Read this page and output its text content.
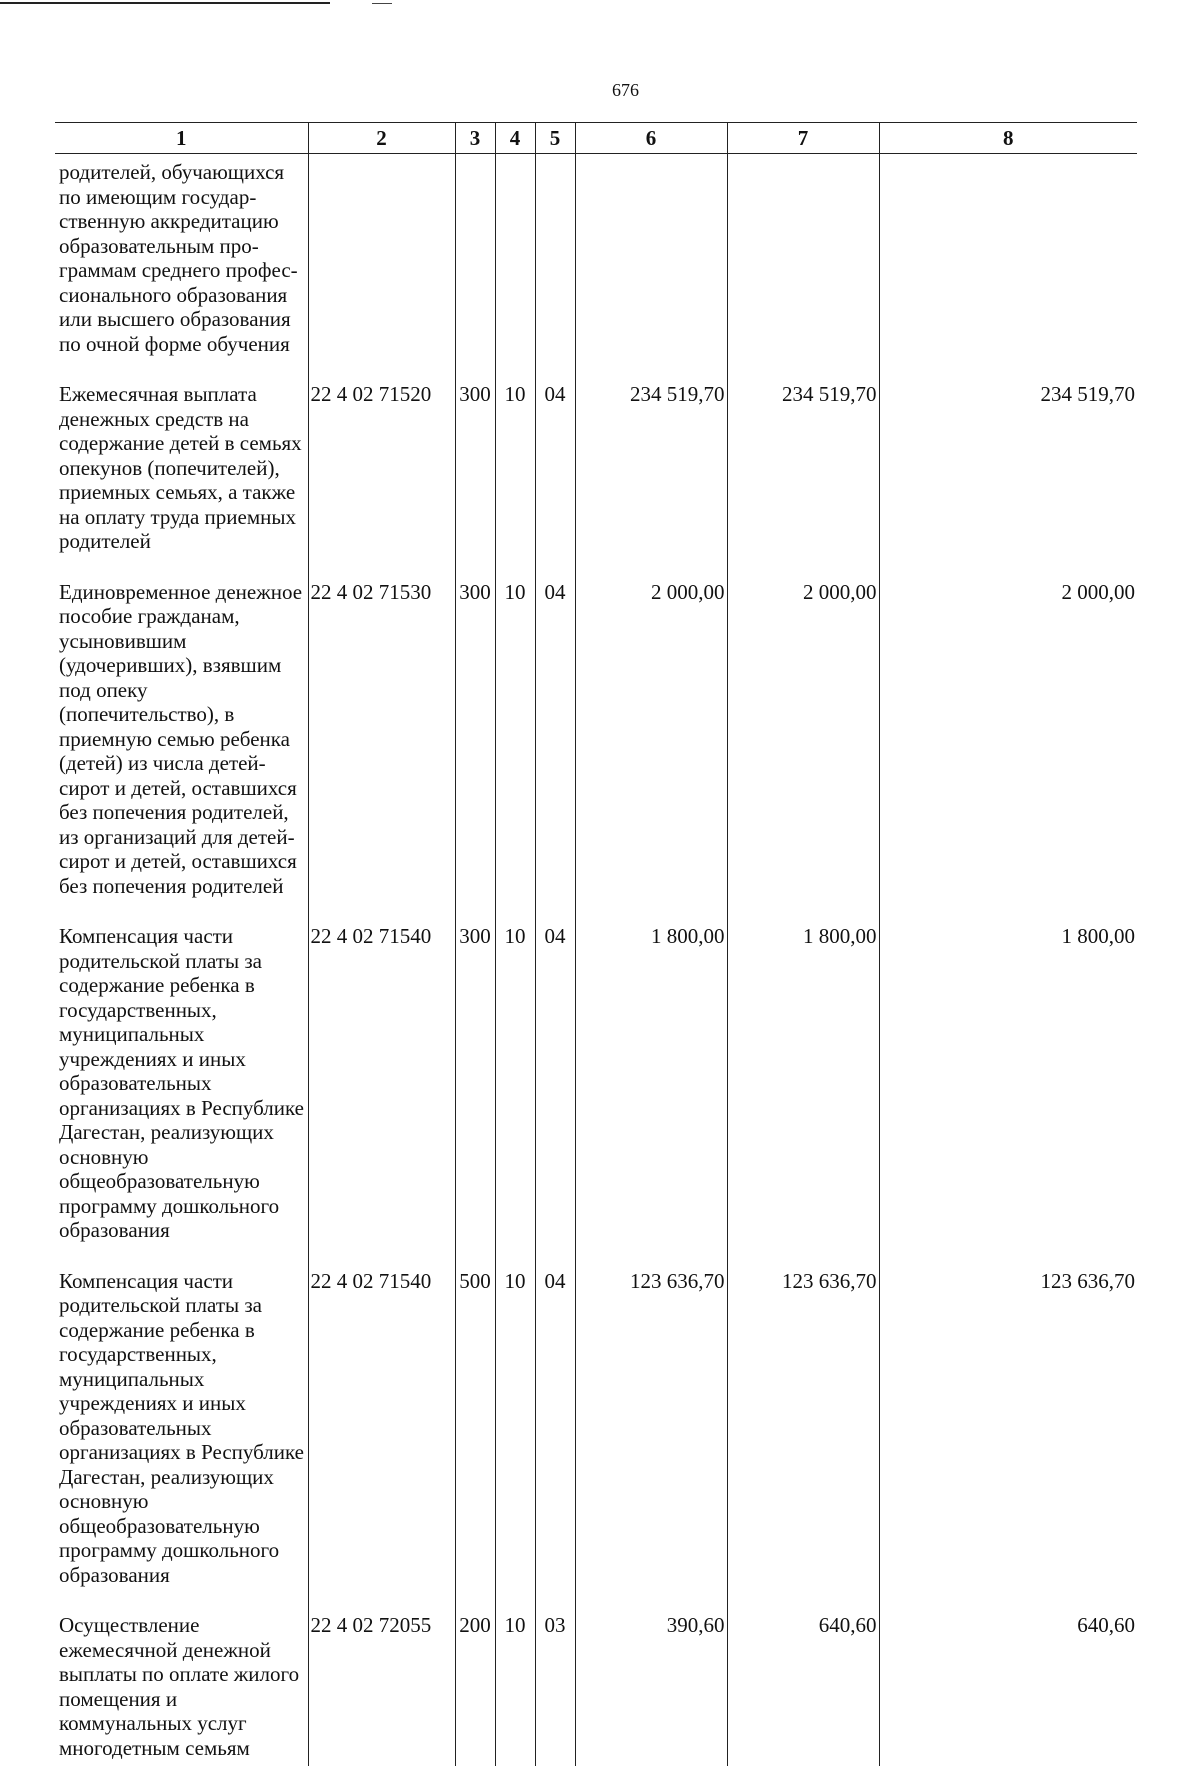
676
1	2	3	4	5	6	7	8
родителей, обучающихся по имеющим государ-ственную аккредитацию образовательным про-граммам среднего профес-сионального образования или высшего образования по очной форме обучения							
Ежемесячная выплата денежных средств на содержание детей в семьях опекунов (попечителей), приемных семьях, а также на оплату труда приемных родителей	22 4 02 71520	300	10	04	234 519,70	234 519,70	234 519,70
Единовременное денежное пособие гражданам, усыновившим (удочеривших), взявшим под опеку (попечительство), в приемную семью ребенка (детей) из числа детей-сирот и детей, оставшихся без попечения родителей, из организаций для детей-сирот и детей, оставшихся без попечения родителей	22 4 02 71530	300	10	04	2 000,00	2 000,00	2 000,00
Компенсация части родительской платы за содержание ребенка в государственных, муниципальных учреждениях и иных образовательных организациях в Республике Дагестан, реализующих основную общеобразовательную программу дошкольного образования	22 4 02 71540	300	10	04	1 800,00	1 800,00	1 800,00
Компенсация части родительской платы за содержание ребенка в государственных, муниципальных учреждениях и иных образовательных организациях в Республике Дагестан, реализующих основную общеобразовательную программу дошкольного образования	22 4 02 71540	500	10	04	123 636,70	123 636,70	123 636,70
Осуществление ежемесячной денежной выплаты по оплате жилого помещения и коммунальных услуг многодетным семьям	22 4 02 72055	200	10	03	390,60	640,60	640,60
